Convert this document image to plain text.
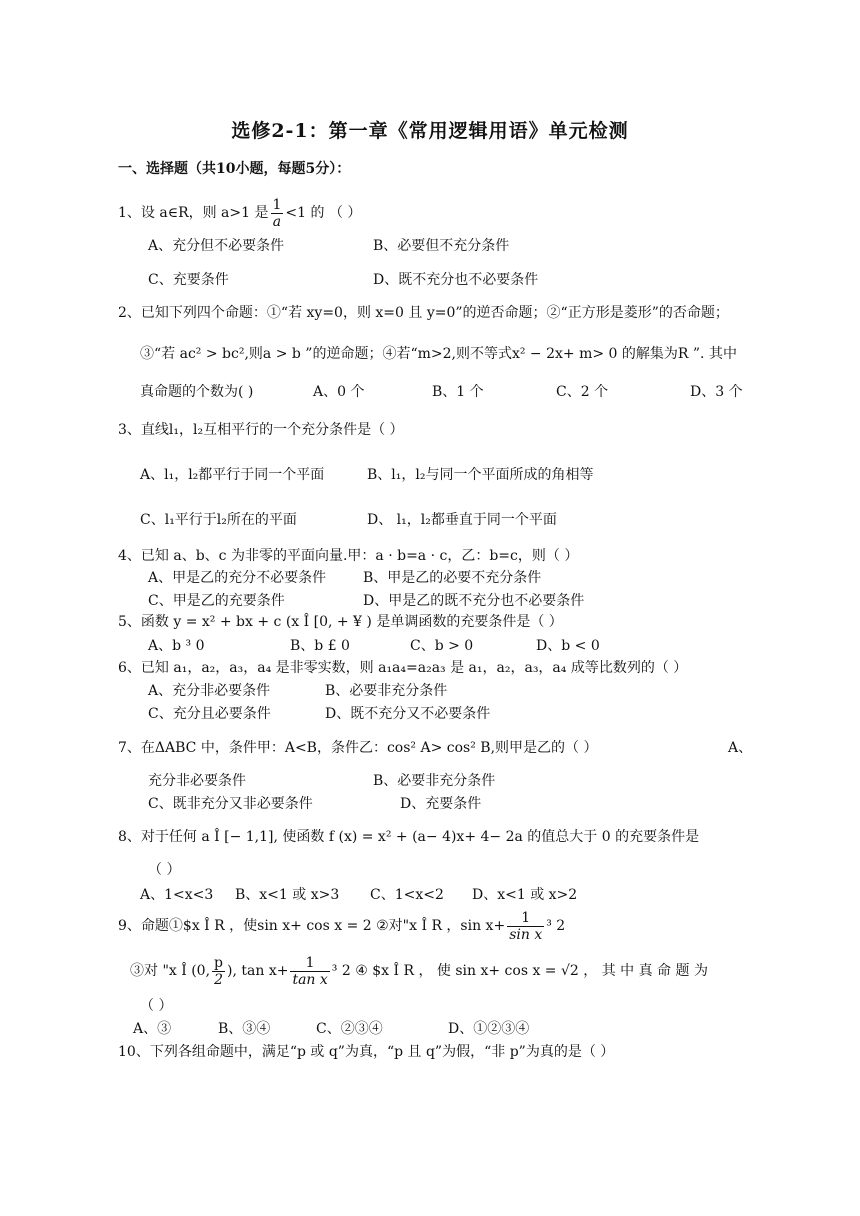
选修2-1：第一章《常用逻辑用语》单元检测
一、选择题（共10小题，每题5分）：
1、设 a∈R，则 a>1 是 $\frac{1}{a} <1$ 的 （ ）
A、充分但不必要条件	B、必要但不充分条件
C、充要条件	D、既不充分也不必要条件
2、已知下列四个命题：①“若 xy=0，则 x=0 且 y=0”的逆否命题；②“正方形是菱形”的否命题；
③“若 ac² > bc²,则a > b ”的逆命题；④若“m>2,则不等式x² − 2x+ m> 0 的解集为R ”. 其中
真命题的个数为( )	A、0 个	B、1 个	C、2 个	D、3 个
3、直线l₁，l₂互相平行的一个充分条件是（ ）
A、l₁，l₂都平行于同一个平面	B、l₁，l₂与同一个平面所成的角相等
C、l₁平行于l₂所在的平面	D、 l₁，l₂都垂直于同一个平面
4、已知 a、b、c 为非零的平面向量.甲：a · b=a · c，乙：b=c，则（ ）
A、甲是乙的充分不必要条件	B、甲是乙的必要不充分条件
C、甲是乙的充要条件	D、甲是乙的既不充分也不必要条件
5、函数 y = x² + bx + c (x Î [0, + ¥ ) 是单调函数的充要条件是（ ）
A、b ³ 0	B、b £ 0	C、b > 0	D、b < 0
6、已知 a₁，a₂，a₃，a₄ 是非零实数，则 a₁a₄=a₂a₃ 是 a₁，a₂，a₃，a₄ 成等比数列的（ ）
A、充分非必要条件	B、必要非充分条件
C、充分且必要条件	D、既不充分又不必要条件
7、在ΔABC 中，条件甲：A<B，条件乙：cos² A> cos² B,则甲是乙的（ ）	A、
充分非必要条件	B、必要非充分条件
C、既非充分又非必要条件	D、充要条件
8、对于任何 a Î [− 1,1], 使函数 f (x) = x² + (a− 4)x+ 4− 2a 的值总大于 0 的充要条件是
（ ）
A、1<x<3 B、x<1 或 x>3 C、1<x<2 D、x<1 或 x>2
9、命题①$x Î R ，使sin x+ cos x = 2 ②对"x Î R ，$\sin x+ \frac{1}{\text{sin x}} ^3$ 2
③对 "x Î (0, $\frac{p}{2}$ ), $\tan x+ \frac{1}{\text{tan x}} ^3$ 2 ④ $x Î R ， 使 sin x+ cos x = √2 ， 其 中 真 命 题 为
（ ）
A、③	B、③④	C、②③④	D、①②③④
10、下列各组命题中，满足“p 或 q”为真，“p 且 q”为假，“非 p”为真的是（ ）
